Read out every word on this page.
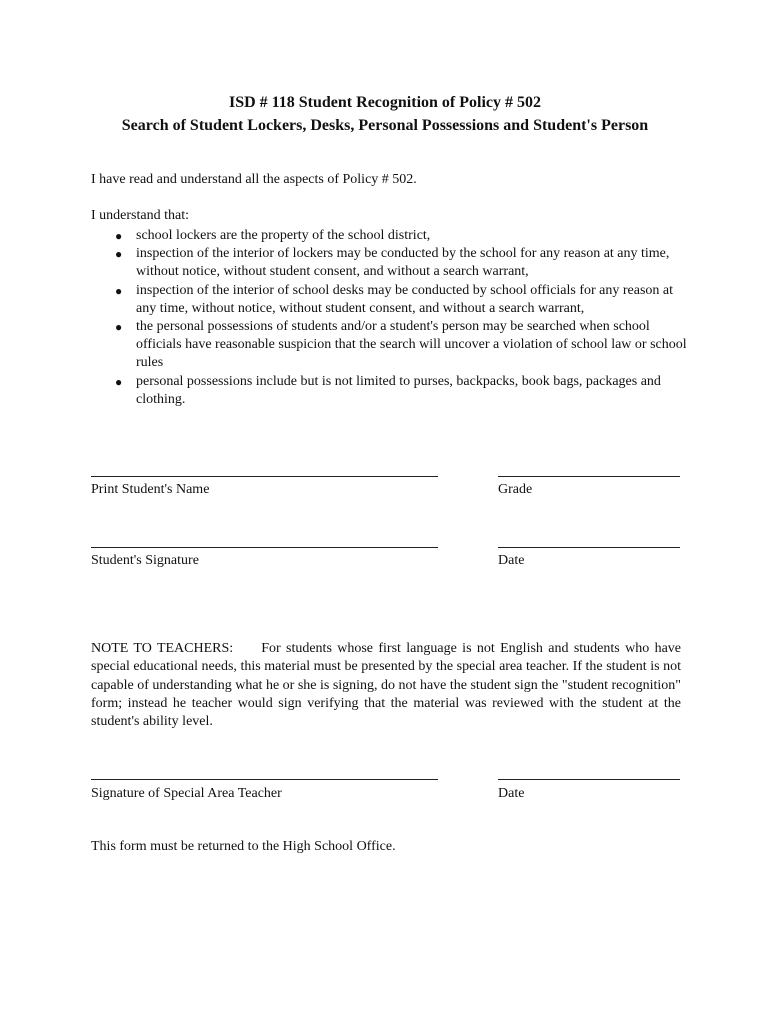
ISD # 118 Student Recognition of Policy # 502
Search of Student Lockers, Desks, Personal Possessions and Student's Person
I have read and understand all the aspects of Policy # 502.
I understand that:
● school lockers are the property of the school district,
● inspection of the interior of lockers may be conducted by the school for any reason at any time, without notice, without student consent, and without a search warrant,
● inspection of the interior of school desks may be conducted by school officials for any reason at any time, without notice, without student consent, and without a search warrant,
● the personal possessions of students and/or a student's person may be searched when school officials have reasonable suspicion that the search will uncover a violation of school law or school rules
● personal possessions include but is not limited to purses, backpacks, book bags, packages and clothing.
Print Student's Name	Grade
Student's Signature	Date
NOTE TO TEACHERS: For students whose first language is not English and students who have special educational needs, this material must be presented by the special area teacher. If the student is not capable of understanding what he or she is signing, do not have the student sign the "student recognition" form; instead he teacher would sign verifying that the material was reviewed with the student at the student's ability level.
Signature of Special Area Teacher	Date
This form must be returned to the High School Office.
